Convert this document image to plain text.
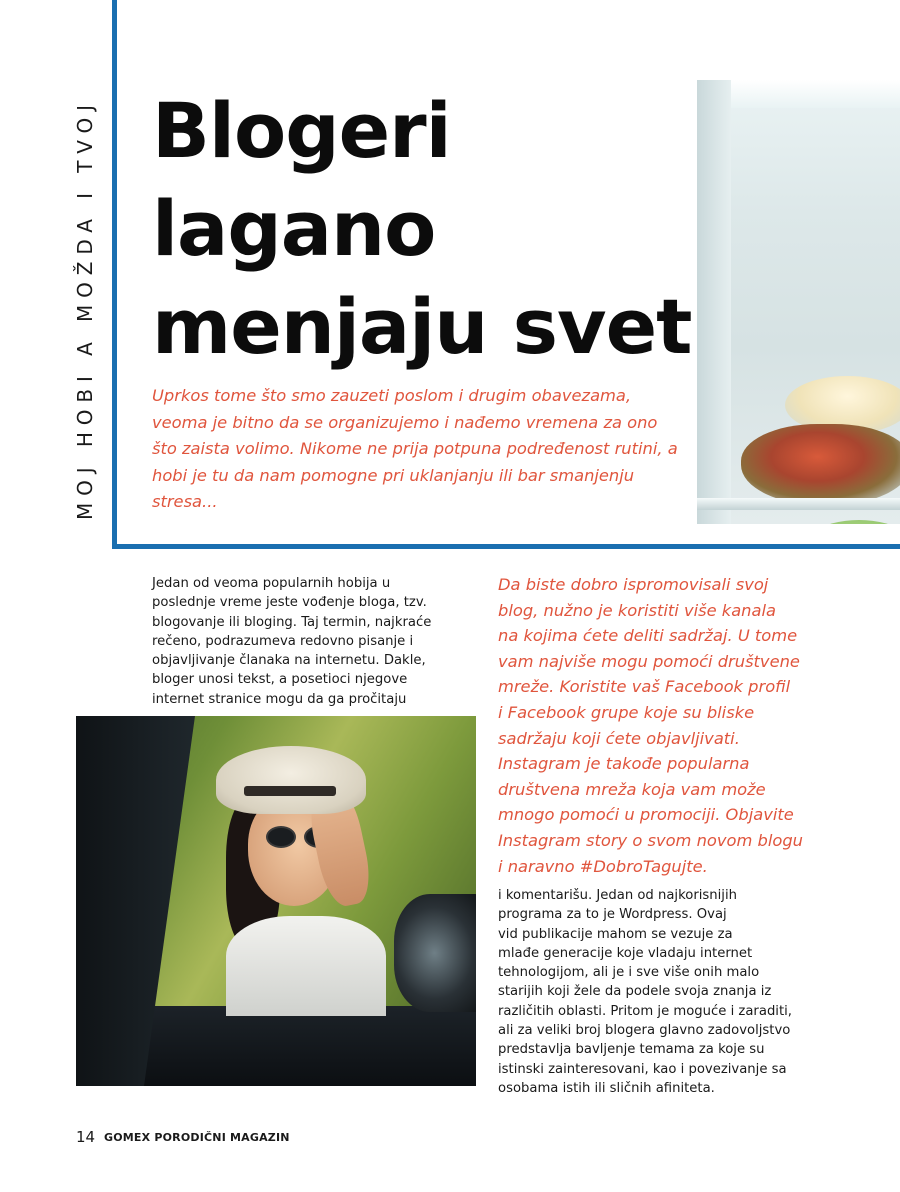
MOJ HOBI A MOŽDA I TVOJ Blogeri
lagano
menjaju svet

Uprkos tome što smo zauzeti poslom i drugim obavezama, veoma je bitno da se organizujemo i nađemo vremena za ono što zaista volimo. Nikome ne prija potpuna podređenost rutini, a hobi je tu da nam pomogne pri uklanjanju ili bar smanjenju stresa...

Jedan od veoma popularnih hobija u
poslednje vreme jeste vođenje bloga, tzv.
blogovanje ili bloging. Taj termin, najkraće
rečeno, podrazumeva redovno pisanje i
objavljivanje članaka na internetu. Dakle,
bloger unosi tekst, a posetioci njegove
internet stranice mogu da ga pročitaju

Da biste dobro ispromovisali svoj
blog, nužno je koristiti više kanala
na kojima ćete deliti sadržaj. U tome
vam najviše mogu pomoći društvene
mreže. Koristite vaš Facebook profil
i Facebook grupe koje su bliske
sadržaju koji ćete objavljivati.
Instagram je takođe popularna
društvena mreža koja vam može
mnogo pomoći u promociji. Objavite
Instagram story o svom novom blogu
i naravno #DobroTagujte.

i komentarišu. Jedan od najkorisnijih
programa za to je Wordpress. Ovaj
vid publikacije mahom se vezuje za
mlađe generacije koje vladaju internet
tehnologijom, ali je i sve više onih malo
starijih koji žele da podele svoja znanja iz
različitih oblasti. Pritom je moguće i zaraditi,
ali za veliki broj blogera glavno zadovoljstvo
predstavlja bavljenje temama za koje su
istinski zainteresovani, kao i povezivanje sa
osobama istih ili sličnih afiniteta.

14 GOMEX PORODIČNI MAGAZIN
